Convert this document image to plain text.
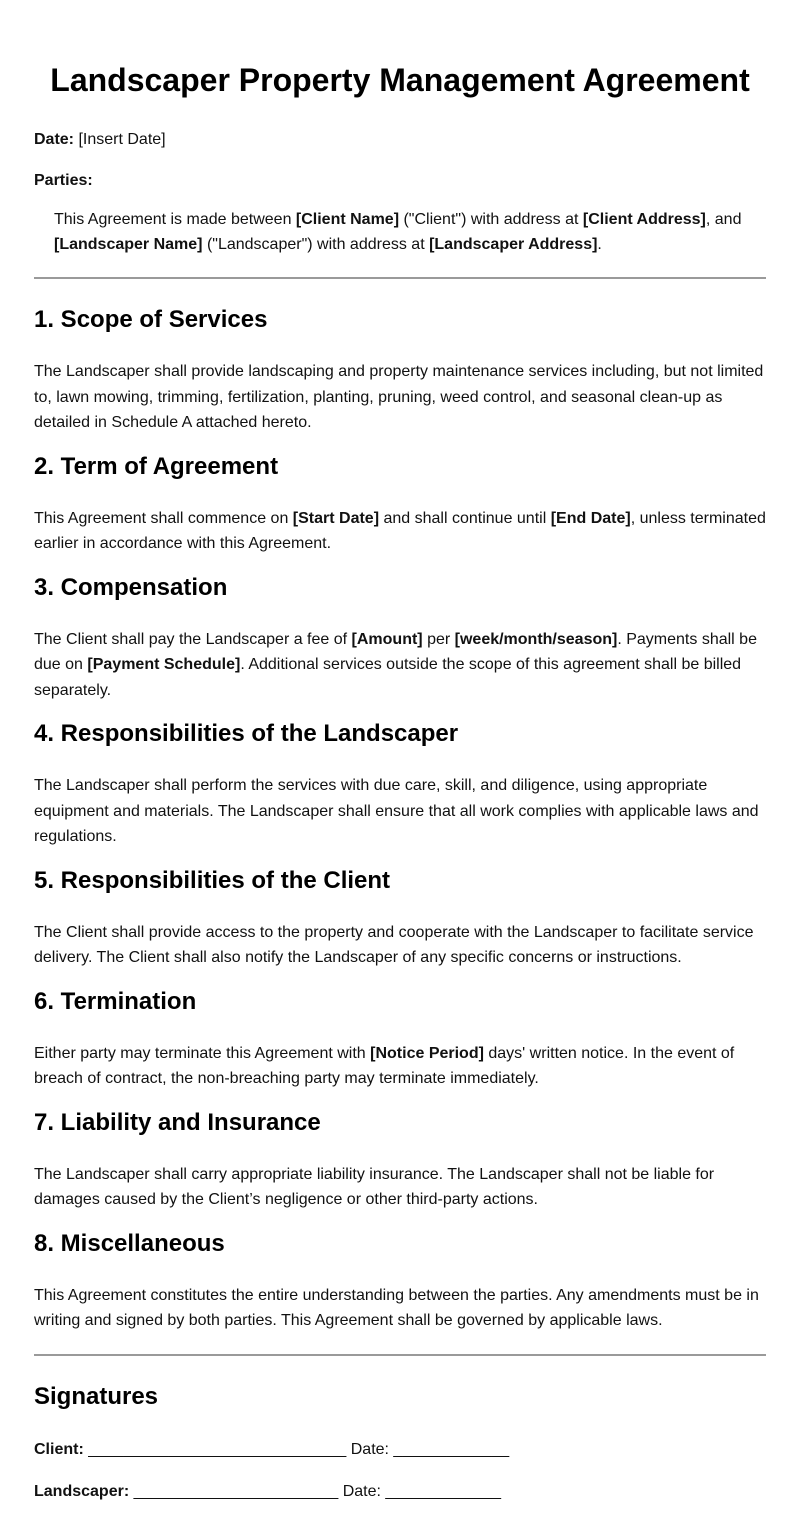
Landscaper Property Management Agreement

Date: [Insert Date]

Parties:

This Agreement is made between [Client Name] ("Client") with address at [Client Address], and
[Landscaper Name] ("Landscaper") with address at [Landscaper Address].

1. Scope of Services

The Landscaper shall provide landscaping and property maintenance services including, but not limited to, lawn mowing, trimming, fertilization, planting, pruning, weed control, and seasonal clean-up as detailed in Schedule A attached hereto.

2. Term of Agreement

This Agreement shall commence on [Start Date] and shall continue until [End Date], unless terminated earlier in accordance with this Agreement.

3. Compensation

The Client shall pay the Landscaper a fee of [Amount] per [week/month/season]. Payments shall be due on [Payment Schedule]. Additional services outside the scope of this agreement shall be billed separately.

4. Responsibilities of the Landscaper

The Landscaper shall perform the services with due care, skill, and diligence, using appropriate equipment and materials. The Landscaper shall ensure that all work complies with applicable laws and regulations.

5. Responsibilities of the Client

The Client shall provide access to the property and cooperate with the Landscaper to facilitate service delivery. The Client shall also notify the Landscaper of any specific concerns or instructions.

6. Termination

Either party may terminate this Agreement with [Notice Period] days' written notice. In the event of breach of contract, the non-breaching party may terminate immediately.

7. Liability and Insurance

The Landscaper shall carry appropriate liability insurance. The Landscaper shall not be liable for damages caused by the Client’s negligence or other third-party actions.

8. Miscellaneous

This Agreement constitutes the entire understanding between the parties. Any amendments must be in writing and signed by both parties. This Agreement shall be governed by applicable laws.

Signatures

Client: _____________________________ Date: _____________

Landscaper: _______________________ Date: _____________
